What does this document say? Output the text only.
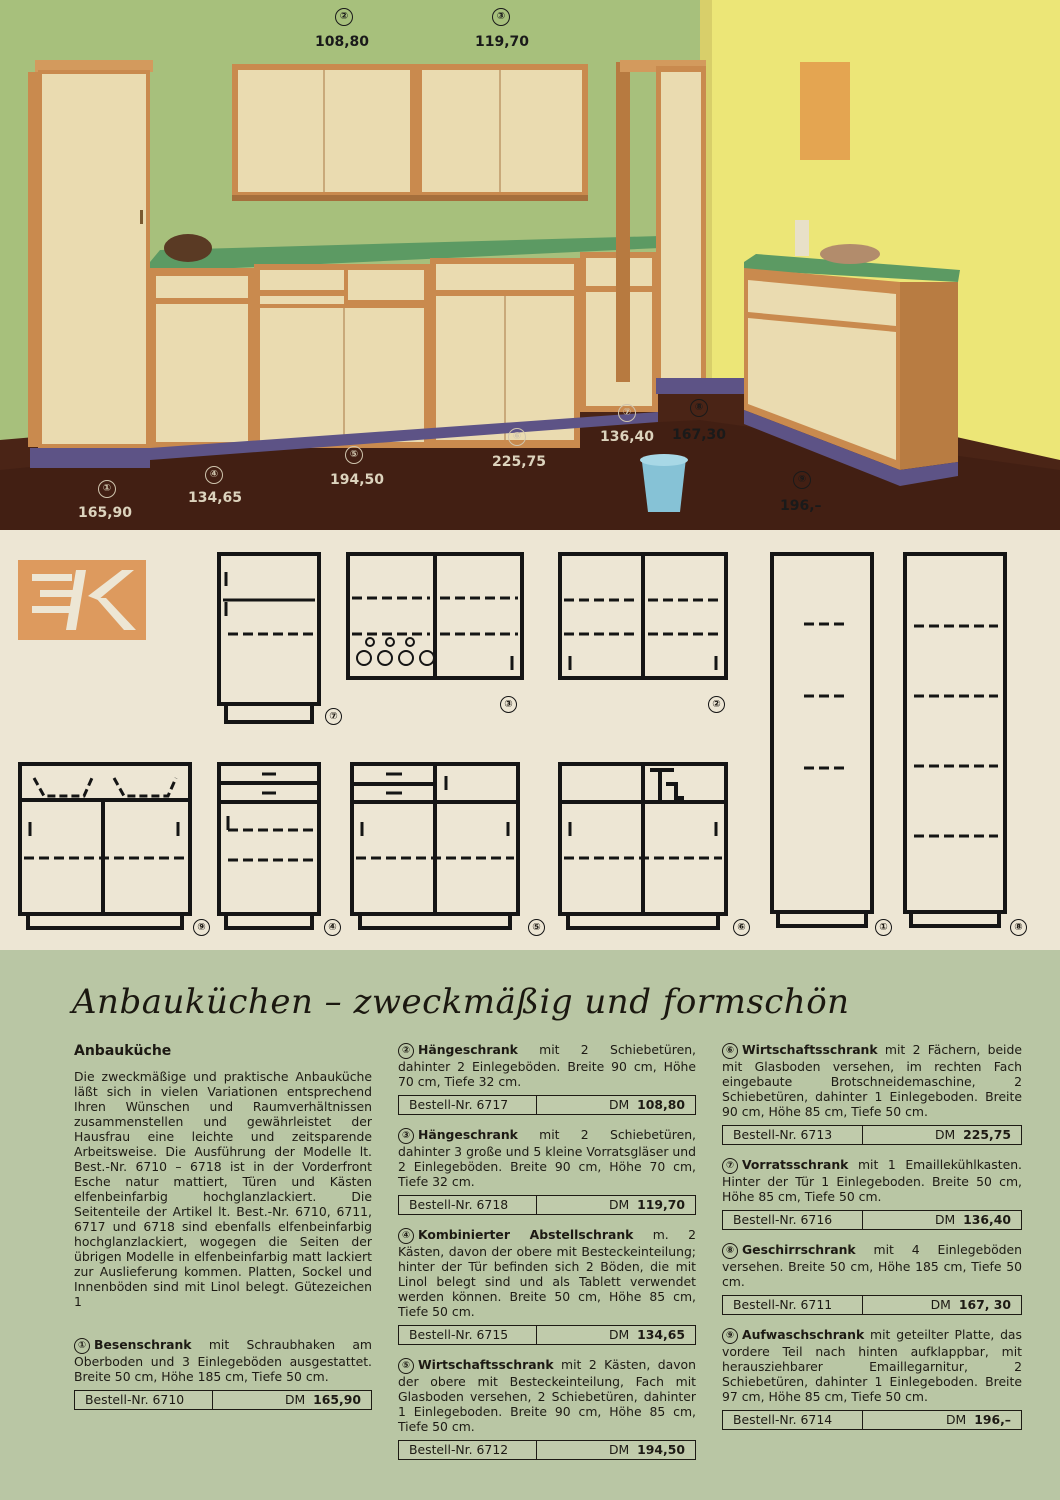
②
108,80
③
119,70
①
165,90
④
134,65
⑤
194,50
⑥
225,75
⑦
136,40
⑧
167,30
⑨
196,–
⑦
③	②
⑨	④	⑤	⑥	①	⑧
Anbauküchen – zweckmäßig und formschön
Anbauküche

Die zweckmäßige und praktische Anbauküche läßt sich in vielen Variationen entsprechend Ihren Wünschen und Raumverhältnissen zusammenstellen und gewährleistet der Hausfrau eine leichte und zeitsparende Arbeitsweise. Die Ausführung der Modelle lt. Best.-Nr. 6710 – 6718 ist in der Vorderfront Esche natur mattiert, Türen und Kästen elfenbeinfarbig hochglanzlackiert. Die Seitenteile der Artikel lt. Best.-Nr. 6710, 6711, 6717 und 6718 sind ebenfalls elfenbeinfarbig hochglanzlackiert, wogegen die Seiten der übrigen Modelle in elfenbeinfarbig matt lackiert zur Auslieferung kommen. Platten, Sockel und Innenböden sind mit Linol belegt. Gütezeichen 1

① Besenschrank mit Schraubhaken am Oberboden und 3 Einlegeböden ausgestattet. Breite 50 cm, Höhe 185 cm, Tiefe 50 cm.

Bestell-Nr. 6710	DM 165,90

② Hängeschrank mit 2 Schiebetüren, dahinter 2 Einlegeböden. Breite 90 cm, Höhe 70 cm, Tiefe 32 cm.

Bestell-Nr. 6717	DM 108,80

③ Hängeschrank mit 2 Schiebetüren, dahinter 3 große und 5 kleine Vorratsgläser und 2 Einlegeböden. Breite 90 cm, Höhe 70 cm, Tiefe 32 cm.

Bestell-Nr. 6718	DM 119,70

④ Kombinierter Abstellschrank m. 2 Kästen, davon der obere mit Besteckeinteilung; hinter der Tür befinden sich 2 Böden, die mit Linol belegt sind und als Tablett verwendet werden können. Breite 50 cm, Höhe 85 cm, Tiefe 50 cm.

Bestell-Nr. 6715	DM 134,65

⑤ Wirtschaftsschrank mit 2 Kästen, davon der obere mit Besteckeinteilung, Fach mit Glasboden versehen, 2 Schiebetüren, dahinter 1 Einlegeboden. Breite 90 cm, Höhe 85 cm, Tiefe 50 cm.

Bestell-Nr. 6712	DM 194,50

⑥ Wirtschaftsschrank mit 2 Fächern, beide mit Glasboden versehen, im rechten Fach eingebaute Brotschneidemaschine, 2 Schiebetüren, dahinter 1 Einlegeboden. Breite 90 cm, Höhe 85 cm, Tiefe 50 cm.

Bestell-Nr. 6713	DM 225,75

⑦ Vorratsschrank mit 1 Emaillekühlkasten. Hinter der Tür 1 Einlegeboden. Breite 50 cm, Höhe 85 cm, Tiefe 50 cm.

Bestell-Nr. 6716	DM 136,40

⑧ Geschirrschrank mit 4 Einlegeböden versehen. Breite 50 cm, Höhe 185 cm, Tiefe 50 cm.

Bestell-Nr. 6711	DM 167, 30

⑨ Aufwaschschrank mit geteilter Platte, das vordere Teil nach hinten aufklappbar, mit herausziehbarer Emaillegarnitur, 2 Schiebetüren, dahinter 1 Einlegeboden. Breite 97 cm, Höhe 85 cm, Tiefe 50 cm.

Bestell-Nr. 6714	DM 196,–
